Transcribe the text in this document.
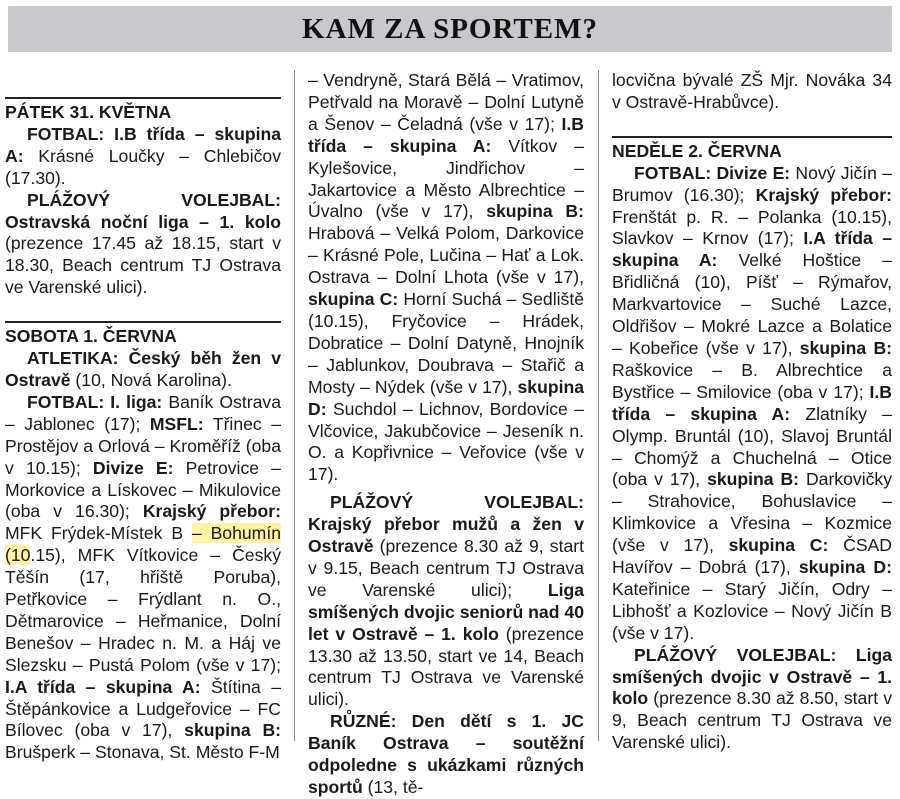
KAM ZA SPORTEM?
PÁTEK 31. KVĚTNA

FOTBAL: I.B třída – skupina A: Krásné Loučky – Chlebičov (17.30).

PLÁŽOVÝ VOLEJBAL: Ostravská noční liga – 1. kolo (prezence 17.45 až 18.15, start v 18.30, Beach centrum TJ Ostrava ve Varenské ulici).

SOBOTA 1. ČERVNA

ATLETIKA: Český běh žen v Ostravě (10, Nová Karolina).

FOTBAL: I. liga: Baník Ostrava – Jablonec (17); MSFL: Třinec – Prostějov a Orlová – Kroměříž (oba v 10.15); Divize E: Petrovice – Morkovice a Lískovec – Mikulovice (oba v 16.30); Krajský přebor: MFK Frýdek-Místek B – Bohumín (10.15), MFK Vítkovice – Český Těšín (17, hřiště Poruba), Petřkovice – Frýdlant n. O., Dětmarovice – Heřmanice, Dolní Benešov – Hradec n. M. a Háj ve Slezsku – Pustá Polom (vše v 17); I.A třída – skupina A: Štítina – Štěpánkovice a Ludgeřovice – FC Bílovec (oba v 17), skupina B: Brušperk – Stonava, St. Město F-M

– Vendryně, Stará Bělá – Vratimov, Petřvald na Moravě – Dolní Lutyně a Šenov – Čeladná (vše v 17); I.B třída – skupina A: Vítkov – Kylešovice, Jindřichov – Jakartovice a Město Albrechtice – Úvalno (vše v 17), skupina B: Hrabová – Velká Polom, Darkovice – Krásné Pole, Lučina – Hať a Lok. Ostrava – Dolní Lhota (vše v 17), skupina C: Horní Suchá – Sedliště (10.15), Fryčovice – Hrádek, Dobratice – Dolní Datyně, Hnojník – Jablunkov, Doubrava – Stařič a Mosty – Nýdek (vše v 17), skupina D: Suchdol – Lichnov, Bordovice – Vlčovice, Jakubčovice – Jeseník n. O. a Kopřivnice – Veřovice (vše v 17).

PLÁŽOVÝ VOLEJBAL: Krajský přebor mužů a žen v Ostravě (prezence 8.30 až 9, start v 9.15, Beach centrum TJ Ostrava ve Varenské ulici); Liga smíšených dvojic seniorů nad 40 let v Ostravě – 1. kolo (prezence 13.30 až 13.50, start ve 14, Beach centrum TJ Ostrava ve Varenské ulici).

RŮZNÉ: Den dětí s 1. JC Baník Ostrava – soutěžní odpoledne s ukázkami různých sportů (13, tě-

locvična bývalé ZŠ Mjr. Nováka 34 v Ostravě-Hrabůvce).

NEDĚLE 2. ČERVNA

FOTBAL: Divize E: Nový Jičín – Brumov (16.30); Krajský přebor: Frenštát p. R. – Polanka (10.15), Slavkov – Krnov (17); I.A třída – skupina A: Velké Hoštice – Břidličná (10), Píšť – Rýmařov, Markvartovice – Suché Lazce, Oldřišov – Mokré Lazce a Bolatice – Kobeřice (vše v 17), skupina B: Raškovice – B. Albrechtice a Bystřice – Smilovice (oba v 17); I.B třída – skupina A: Zlatníky – Olymp. Bruntál (10), Slavoj Bruntál – Chomýž a Chuchelná – Otice (oba v 17), skupina B: Darkovičky – Strahovice, Bohuslavice – Klimkovice a Vřesina – Kozmice (vše v 17), skupina C: ČSAD Havířov – Dobrá (17), skupina D: Kateřinice – Starý Jičín, Odry – Libhošť a Kozlovice – Nový Jičín B (vše v 17).

PLÁŽOVÝ VOLEJBAL: Liga smíšených dvojic v Ostravě – 1. kolo (prezence 8.30 až 8.50, start v 9, Beach centrum TJ Ostrava ve Varenské ulici).
